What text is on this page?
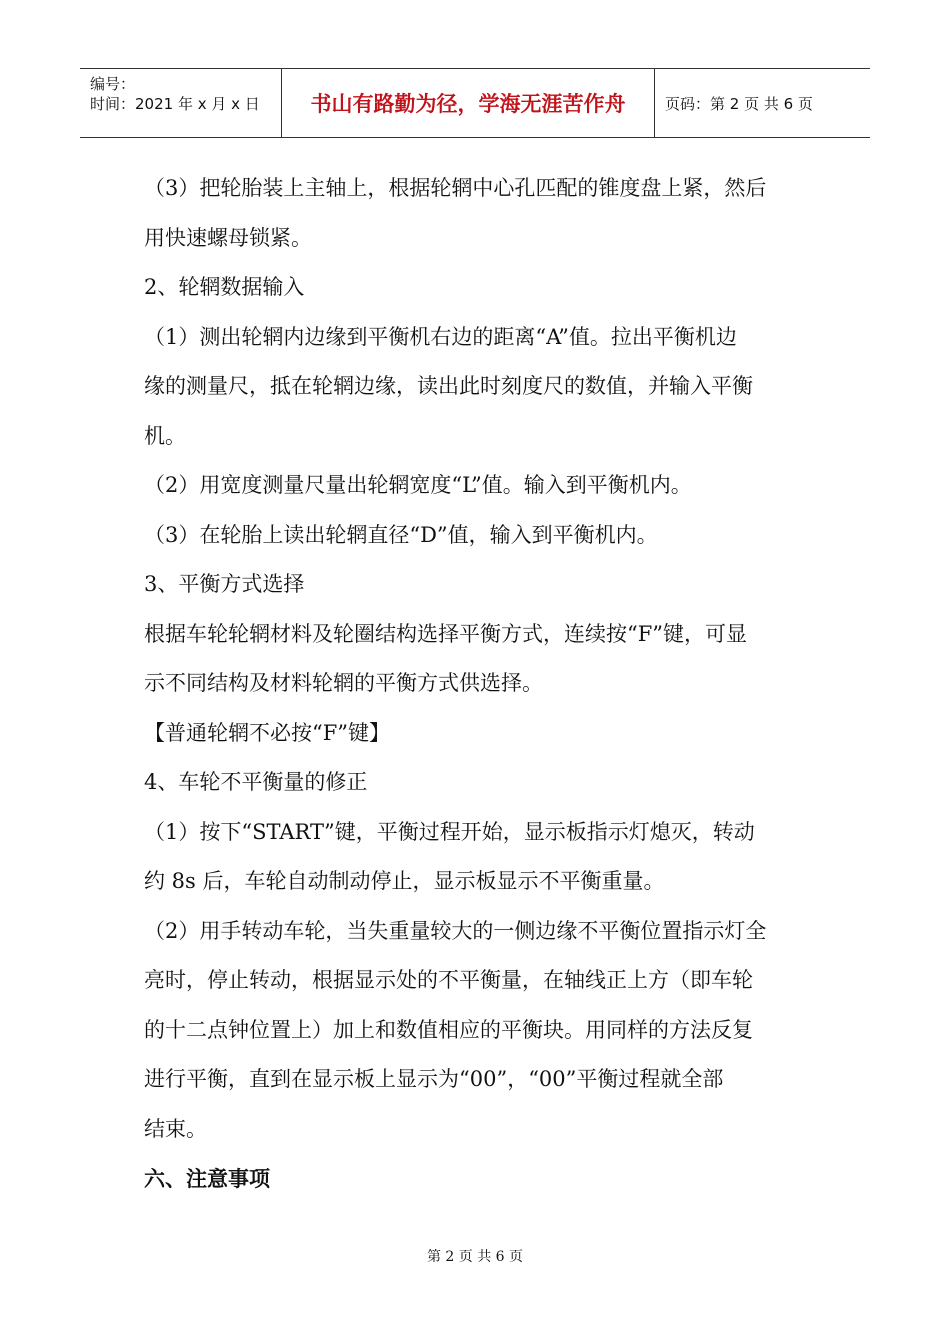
编号：
时间：2021 年 x 月 x 日	书山有路勤为径，学海无涯苦作舟	页码：第 2 页 共 6 页

（3）把轮胎装上主轴上，根据轮辋中心孔匹配的锥度盘上紧，然后

用快速螺母锁紧。

2、轮辋数据输入

（1）测出轮辋内边缘到平衡机右边的距离“A”值。拉出平衡机边

缘的测量尺，抵在轮辋边缘，读出此时刻度尺的数值，并输入平衡

机。

（2）用宽度测量尺量出轮辋宽度“L”值。输入到平衡机内。

（3）在轮胎上读出轮辋直径“D”值，输入到平衡机内。

3、平衡方式选择

根据车轮轮辋材料及轮圈结构选择平衡方式，连续按“F”键，可显

示不同结构及材料轮辋的平衡方式供选择。

【普通轮辋不必按“F”键】

4、车轮不平衡量的修正

（1）按下“START”键，平衡过程开始，显示板指示灯熄灭，转动

约 8s 后，车轮自动制动停止，显示板显示不平衡重量。

（2）用手转动车轮，当失重量较大的一侧边缘不平衡位置指示灯全

亮时，停止转动，根据显示处的不平衡量，在轴线正上方（即车轮

的十二点钟位置上）加上和数值相应的平衡块。用同样的方法反复

进行平衡，直到在显示板上显示为“00”，“00”平衡过程就全部

结束。

六、注意事项

第 2 页 共 6 页
